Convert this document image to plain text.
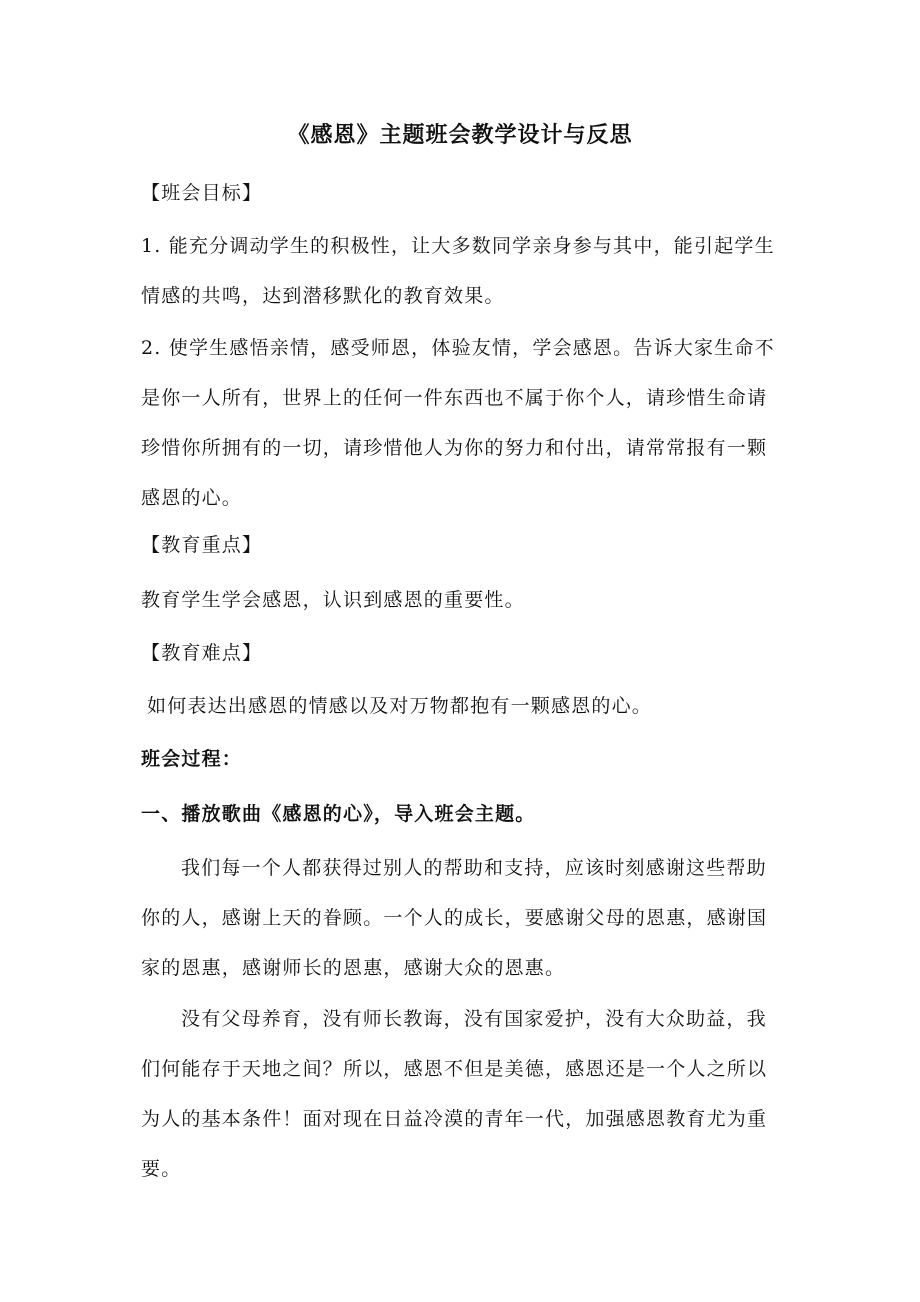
《感恩》主题班会教学设计与反思

【班会目标】

1. 能充分调动学生的积极性，让大多数同学亲身参与其中，能引起学生情感的共鸣，达到潜移默化的教育效果。

2. 使学生感悟亲情，感受师恩，体验友情，学会感恩。告诉大家生命不是你一人所有，世界上的任何一件东西也不属于你个人，请珍惜生命请珍惜你所拥有的一切，请珍惜他人为你的努力和付出，请常常报有一颗感恩的心。

【教育重点】

教育学生学会感恩，认识到感恩的重要性。

【教育难点】

如何表达出感恩的情感以及对万物都抱有一颗感恩的心。

班会过程：

一、播放歌曲《感恩的心》，导入班会主题。

我们每一个人都获得过别人的帮助和支持，应该时刻感谢这些帮助你的人，感谢上天的眷顾。一个人的成长，要感谢父母的恩惠，感谢国家的恩惠，感谢师长的恩惠，感谢大众的恩惠。

没有父母养育，没有师长教诲，没有国家爱护，没有大众助益，我们何能存于天地之间？所以，感恩不但是美德，感恩还是一个人之所以为人的基本条件！面对现在日益冷漠的青年一代，加强感恩教育尤为重要。
